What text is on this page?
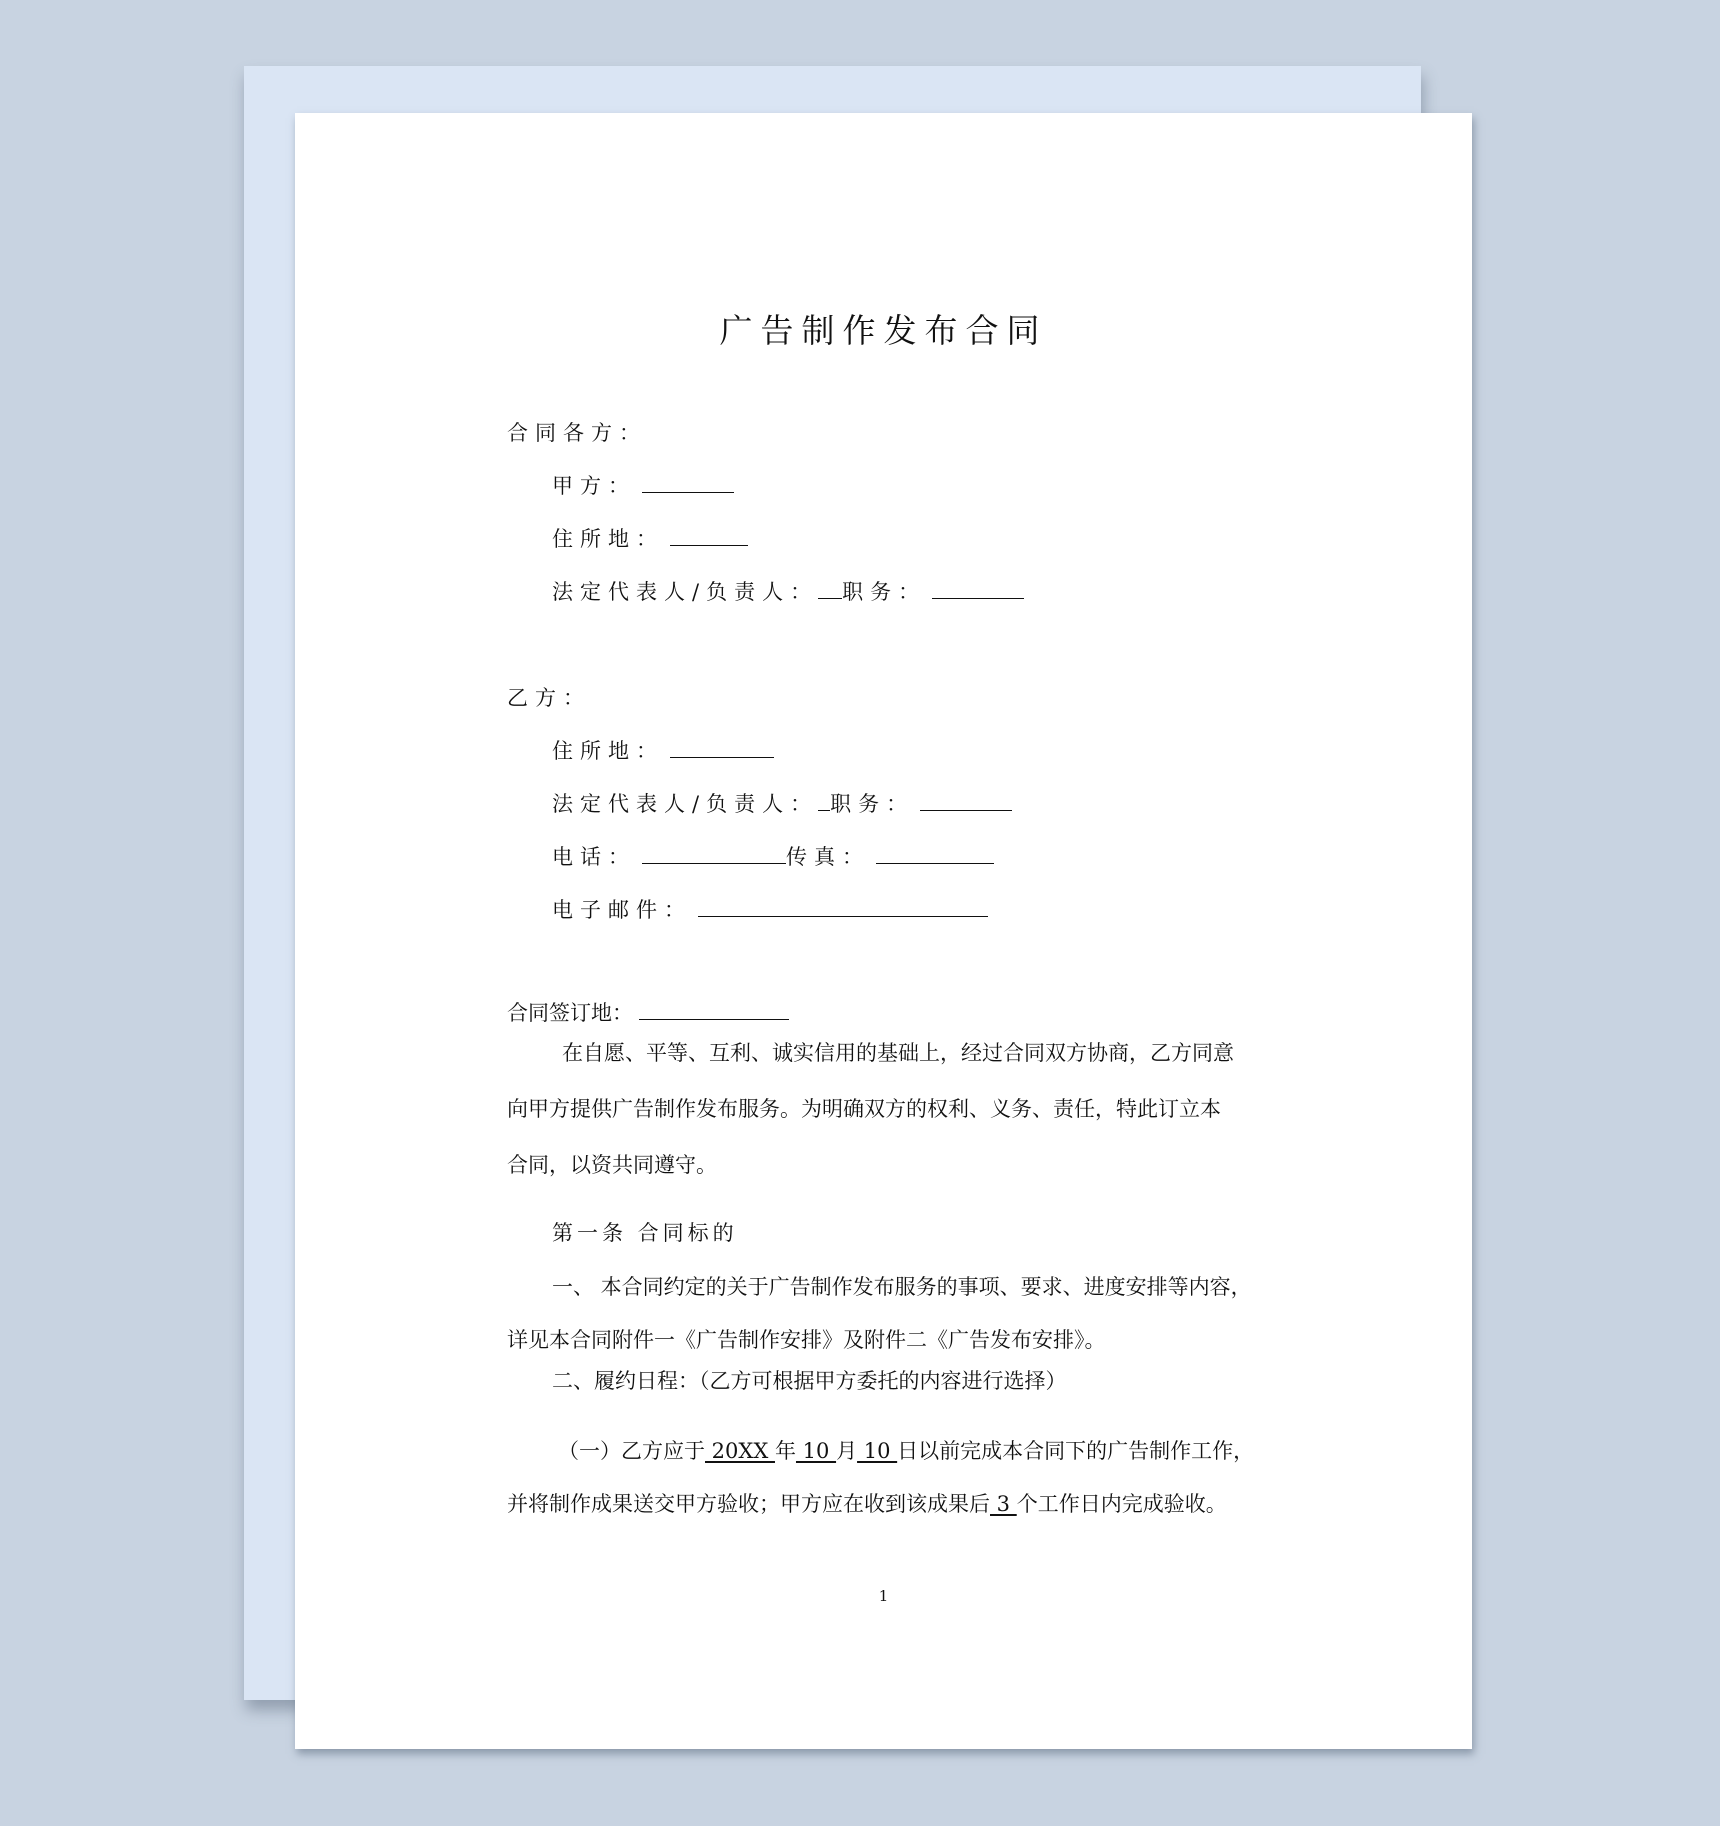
广告制作发布合同
合同各方：
甲方：
住所地：
法定代表人/负责人： 职务：
乙方：
住所地：
法定代表人/负责人： 职务：
电话：	传真：
电子邮件：
合同签订地：
在自愿、平等、互利、诚实信用的基础上，经过合同双方协商，乙方同意
向甲方提供广告制作发布服务。为明确双方的权利、义务、责任，特此订立本
合同，以资共同遵守。
第一条 合同标的
一、 本合同约定的关于广告制作发布服务的事项、要求、进度安排等内容，
详见本合同附件一《广告制作安排》及附件二《广告发布安排》。
二、履约日程：（乙方可根据甲方委托的内容进行选择）
（一）乙方应于 20XX 年 10 月 10 日以前完成本合同下的广告制作工作，
并将制作成果送交甲方验收；甲方应在收到该成果后 3 个工作日内完成验收。
1
